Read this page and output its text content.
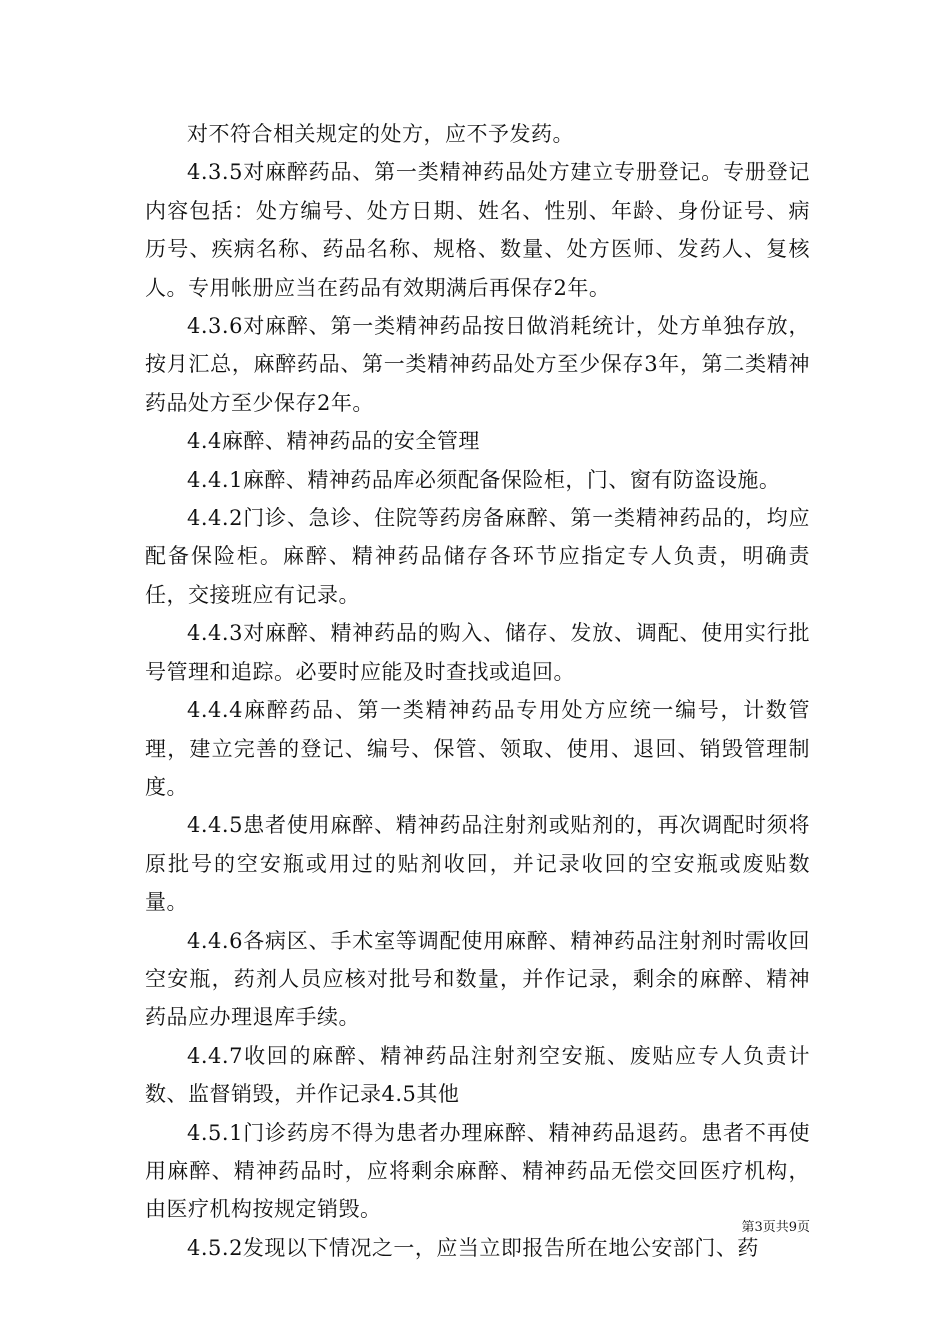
对不符合相关规定的处方，应不予发药。

4.3.5对麻醉药品、第一类精神药品处方建立专册登记。专册登记内容包括：处方编号、处方日期、姓名、性别、年龄、身份证号、病历号、疾病名称、药品名称、规格、数量、处方医师、发药人、复核人。专用帐册应当在药品有效期满后再保存2年。

4.3.6对麻醉、第一类精神药品按日做消耗统计，处方单独存放，按月汇总，麻醉药品、第一类精神药品处方至少保存3年，第二类精神药品处方至少保存2年。

4.4麻醉、精神药品的安全管理

4.4.1麻醉、精神药品库必须配备保险柜，门、窗有防盗设施。

4.4.2门诊、急诊、住院等药房备麻醉、第一类精神药品的，均应配备保险柜。麻醉、精神药品储存各环节应指定专人负责，明确责任，交接班应有记录。

4.4.3对麻醉、精神药品的购入、储存、发放、调配、使用实行批号管理和追踪。必要时应能及时查找或追回。

4.4.4麻醉药品、第一类精神药品专用处方应统一编号，计数管理，建立完善的登记、编号、保管、领取、使用、退回、销毁管理制度。

4.4.5患者使用麻醉、精神药品注射剂或贴剂的，再次调配时须将原批号的空安瓶或用过的贴剂收回，并记录收回的空安瓶或废贴数量。

4.4.6各病区、手术室等调配使用麻醉、精神药品注射剂时需收回空安瓶，药剂人员应核对批号和数量，并作记录，剩余的麻醉、精神药品应办理退库手续。

4.4.7收回的麻醉、精神药品注射剂空安瓶、废贴应专人负责计数、监督销毁，并作记录4.5其他

4.5.1门诊药房不得为患者办理麻醉、精神药品退药。患者不再使用麻醉、精神药品时，应将剩余麻醉、精神药品无偿交回医疗机构，由医疗机构按规定销毁。

4.5.2发现以下情况之一，应当立即报告所在地公安部门、药

第3页共9页
